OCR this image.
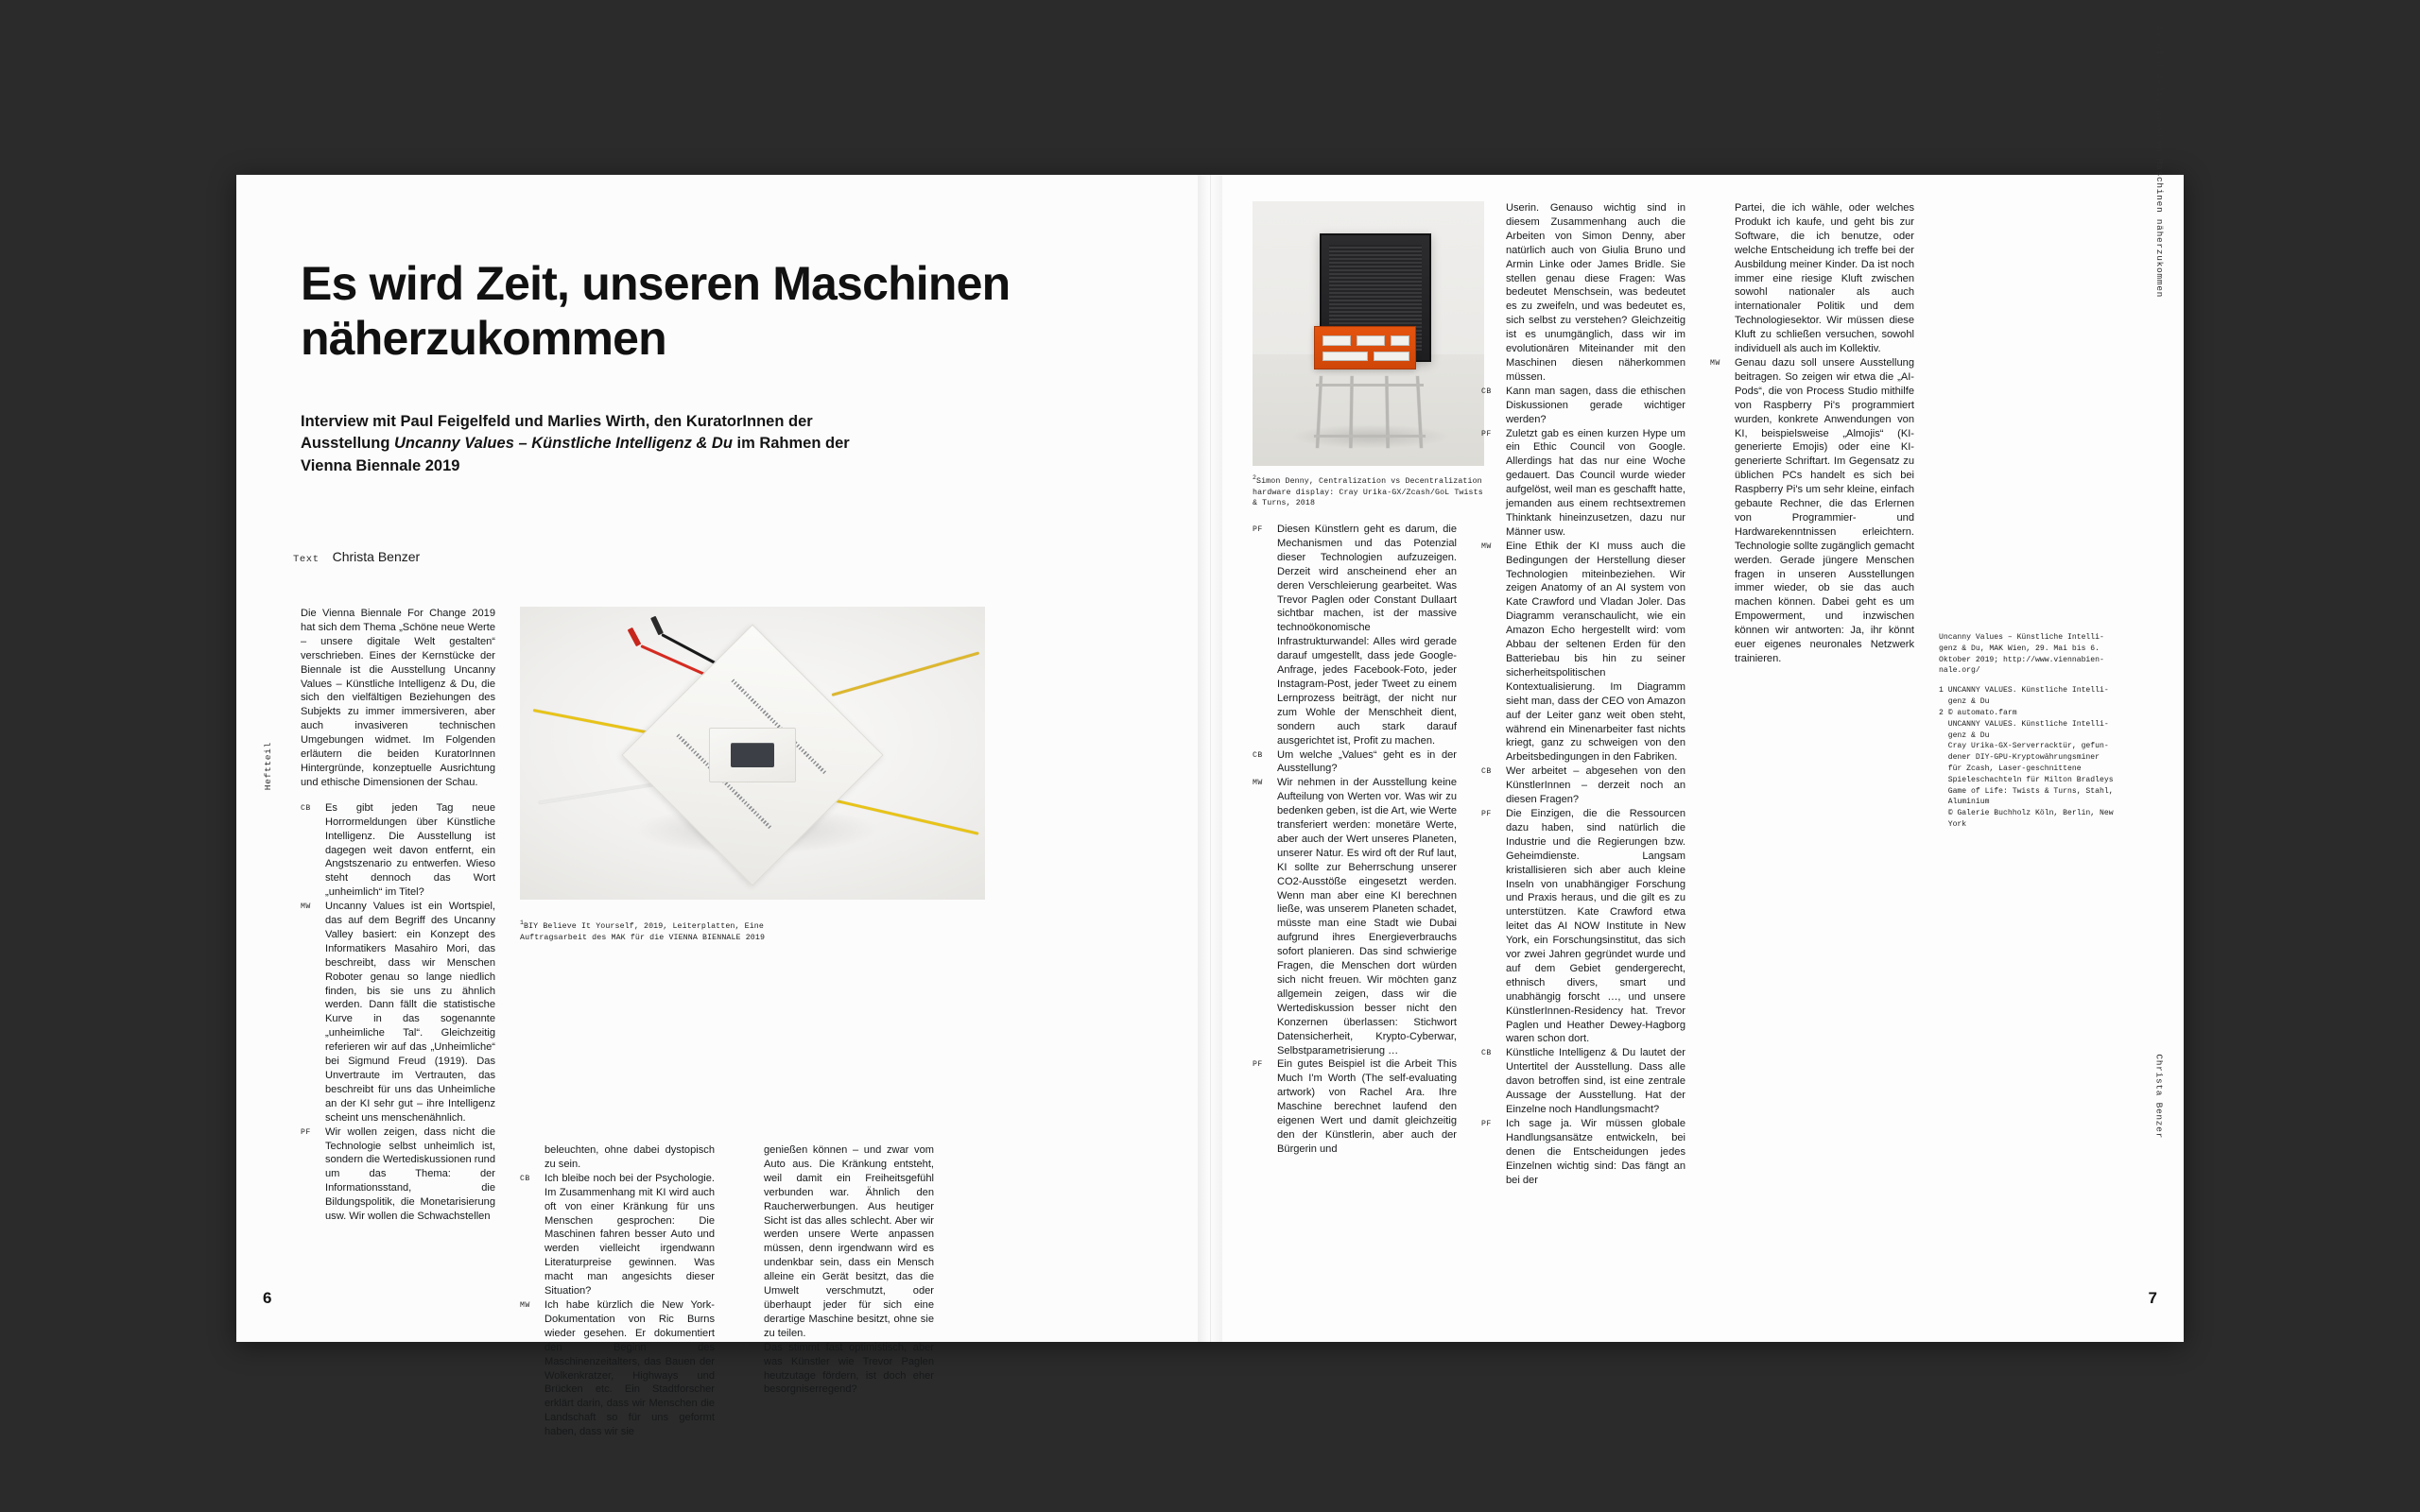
Heftteil
Es wird Zeit, unseren Maschinen näherzukommen
Interview mit Paul Feigelfeld und Marlies Wirth, den KuratorInnen der Ausstellung Uncanny Values – Künstliche Intelligenz & Du im Rahmen der Vienna Biennale 2019
Text Christa Benzer
Die Vienna Biennale For Change 2019 hat sich dem Thema „Schöne neue Werte – unsere digitale Welt gestalten“ verschrieben. Eines der Kernstücke der Biennale ist die Ausstellung Uncanny Values – Künstliche Intelligenz & Du, die sich den vielfältigen Beziehungen des Subjekts zu immer immersiveren, aber auch invasiveren technischen Umgebungen widmet. Im Folgenden erläutern die beiden KuratorInnen Hintergründe, konzeptuelle Ausrichtung und ethische Dimensionen der Schau.
CB	Es gibt jeden Tag neue Horrormeldungen über Künstliche Intelligenz. Die Ausstellung ist dagegen weit davon entfernt, ein Angstszenario zu entwerfen. Wieso steht dennoch das Wort „unheimlich“ im Titel?
MW	Uncanny Values ist ein Wortspiel, das auf dem Begriff des Uncanny Valley basiert: ein Konzept des Informatikers Masahiro Mori, das beschreibt, dass wir Menschen Roboter genau so lange niedlich finden, bis sie uns zu ähnlich werden. Dann fällt die statistische Kurve in das sogenannte „unheimliche Tal“. Gleichzeitig referieren wir auf das „Unheimliche“ bei Sigmund Freud (1919). Das Unvertraute im Vertrauten, das beschreibt für uns das Unheimliche an der KI sehr gut – ihre Intelligenz scheint uns menschenähnlich.
PF	Wir wollen zeigen, dass nicht die Technologie selbst unheimlich ist, sondern die Wertediskussionen rund um das Thema: der Informationsstand, die Bildungspolitik, die Monetarisierung usw. Wir wollen die Schwachstellen
$^1$BIY Believe It Yourself, 2019, Leiterplatten, Eine Auftragsarbeit des MAK für die VIENNA BIENNALE 2019
beleuchten, ohne dabei dystopisch zu sein.
CB	Ich bleibe noch bei der Psychologie. Im Zusammenhang mit KI wird auch oft von einer Kränkung für uns Menschen gesprochen: Die Maschinen fahren besser Auto und werden vielleicht irgendwann Literaturpreise gewinnen. Was macht man angesichts dieser Situation?
MW	Ich habe kürzlich die New York-Dokumentation von Ric Burns wieder gesehen. Er dokumentiert den Beginn des Maschinenzeitalters, das Bauen der Wolkenkratzer, Highways und Brücken etc. Ein Stadtforscher erklärt darin, dass wir Menschen die Landschaft so für uns geformt haben, dass wir sie
genießen können – und zwar vom Auto aus. Die Kränkung entsteht, weil damit ein Freiheitsgefühl verbunden war. Ähnlich den Raucherwerbungen. Aus heutiger Sicht ist das alles schlecht. Aber wir werden unsere Werte anpassen müssen, denn irgendwann wird es undenkbar sein, dass ein Mensch alleine ein Gerät besitzt, das die Umwelt verschmutzt, oder überhaupt jeder für sich eine derartige Maschine besitzt, ohne sie zu teilen.
CB	Das stimmt fast optimistisch, aber was Künstler wie Trevor Paglen heutzutage fördern, ist doch eher besorgniserregend?
6
Es wird Zeit, unseren Maschinen näherzukommen
Christa Benzer
$^2$Simon Denny, Centralization vs Decentralization hardware display: Cray Urika-GX/Zcash/GoL Twists & Turns, 2018
PF	Diesen Künstlern geht es darum, die Mechanismen und das Potenzial dieser Technologien aufzuzeigen. Derzeit wird anscheinend eher an deren Verschleierung gearbeitet. Was Trevor Paglen oder Constant Dullaart sichtbar machen, ist der massive technoökonomische Infrastrukturwandel: Alles wird gerade darauf umgestellt, dass jede Google-Anfrage, jedes Facebook-Foto, jeder Instagram-Post, jeder Tweet zu einem Lernprozess beiträgt, der nicht nur zum Wohle der Menschheit dient, sondern auch stark darauf ausgerichtet ist, Profit zu machen.
CB	Um welche „Values“ geht es in der Ausstellung?
MW	Wir nehmen in der Ausstellung keine Aufteilung von Werten vor. Was wir zu bedenken geben, ist die Art, wie Werte transferiert werden: monetäre Werte, aber auch der Wert unseres Planeten, unserer Natur. Es wird oft der Ruf laut, KI sollte zur Beherrschung unserer CO2-Ausstöße eingesetzt werden. Wenn man aber eine KI berechnen ließe, was unserem Planeten schadet, müsste man eine Stadt wie Dubai aufgrund ihres Energieverbrauchs sofort planieren. Das sind schwierige Fragen, die Menschen dort würden sich nicht freuen. Wir möchten ganz allgemein zeigen, dass wir die Wertediskussion besser nicht den Konzernen überlassen: Stichwort Datensicherheit, Krypto-Cyberwar, Selbstparametrisierung …
PF	Ein gutes Beispiel ist die Arbeit This Much I'm Worth (The self-evaluating artwork) von Rachel Ara. Ihre Maschine berechnet laufend den eigenen Wert und damit gleichzeitig den der Künstlerin, aber auch der Bürgerin und
Userin. Genauso wichtig sind in diesem Zusammenhang auch die Arbeiten von Simon Denny, aber natürlich auch von Giulia Bruno und Armin Linke oder James Bridle. Sie stellen genau diese Fragen: Was bedeutet Menschsein, was bedeutet es zu zweifeln, und was bedeutet es, sich selbst zu verstehen? Gleichzeitig ist es unumgänglich, dass wir im evolutionären Miteinander mit den Maschinen diesen näherkommen müssen.
CB	Kann man sagen, dass die ethischen Diskussionen gerade wichtiger werden?
PF	Zuletzt gab es einen kurzen Hype um ein Ethic Council von Google. Allerdings hat das nur eine Woche gedauert. Das Council wurde wieder aufgelöst, weil man es geschafft hatte, jemanden aus einem rechtsextremen Thinktank hineinzusetzen, dazu nur Männer usw.
MW	Eine Ethik der KI muss auch die Bedingungen der Herstellung dieser Technologien miteinbeziehen. Wir zeigen Anatomy of an AI system von Kate Crawford und Vladan Joler. Das Diagramm veranschaulicht, wie ein Amazon Echo hergestellt wird: vom Abbau der seltenen Erden für den Batteriebau bis hin zu seiner sicherheitspolitischen Kontextualisierung. Im Diagramm sieht man, dass der CEO von Amazon auf der Leiter ganz weit oben steht, während ein Minenarbeiter fast nichts kriegt, ganz zu schweigen von den Arbeitsbedingungen in den Fabriken.
CB	Wer arbeitet – abgesehen von den KünstlerInnen – derzeit noch an diesen Fragen?
PF	Die Einzigen, die die Ressourcen dazu haben, sind natürlich die Industrie und die Regierungen bzw. Geheimdienste. Langsam kristallisieren sich aber auch kleine Inseln von unabhängiger Forschung und Praxis heraus, und die gilt es zu unterstützen. Kate Crawford etwa leitet das AI NOW Institute in New York, ein Forschungsinstitut, das sich vor zwei Jahren gegründet wurde und auf dem Gebiet gendergerecht, ethnisch divers, smart und unabhängig forscht …, und unsere KünstlerInnen-Residency hat. Trevor Paglen und Heather Dewey-Hagborg waren schon dort.
CB	Künstliche Intelligenz & Du lautet der Untertitel der Ausstellung. Dass alle davon betroffen sind, ist eine zentrale Aussage der Ausstellung. Hat der Einzelne noch Handlungsmacht?
PF	Ich sage ja. Wir müssen globale Handlungsansätze entwickeln, bei denen die Entscheidungen jedes Einzelnen wichtig sind: Das fängt an bei der
Partei, die ich wähle, oder welches Produkt ich kaufe, und geht bis zur Software, die ich benutze, oder welche Entscheidung ich treffe bei der Ausbildung meiner Kinder. Da ist noch immer eine riesige Kluft zwischen sowohl nationaler als auch internationaler Politik und dem Technologiesektor. Wir müssen diese Kluft zu schließen versuchen, sowohl individuell als auch im Kollektiv.
MW	Genau dazu soll unsere Ausstellung beitragen. So zeigen wir etwa die „AI-Pods“, die von Process Studio mithilfe von Raspberry Pi's programmiert wurden, konkrete Anwendungen von KI, beispielsweise „Almojis“ (KI-generierte Emojis) oder eine KI-generierte Schriftart. Im Gegensatz zu üblichen PCs handelt es sich bei Raspberry Pi's um sehr kleine, einfach gebaute Rechner, die das Erlernen von Programmier- und Hardwarekenntnissen erleichtern. Technologie sollte zugänglich gemacht werden. Gerade jüngere Menschen fragen in unseren Ausstellungen immer wieder, ob sie das auch machen können. Dabei geht es um Empowerment, und inzwischen können wir antworten: Ja, ihr könnt euer eigenes neuronales Netzwerk trainieren.
Uncanny Values – Künstliche Intelli-
genz & Du, MAK Wien, 29. Mai bis 6.
Oktober 2019; http://www.viennabien-
nale.org/
1 UNCANNY VALUES. Künstliche Intelli-
genz & Du
2 © automato.farm
UNCANNY VALUES. Künstliche Intelli-
genz & Du
Cray Urika-GX-Serverracktür, gefun-
dener DIY-GPU-Kryptowährungsminer
für Zcash, Laser-geschnittene
Spieleschachteln für Milton Bradleys
Game of Life: Twists & Turns, Stahl,
Aluminium
© Galerie Buchholz Köln, Berlin, New
York
7
